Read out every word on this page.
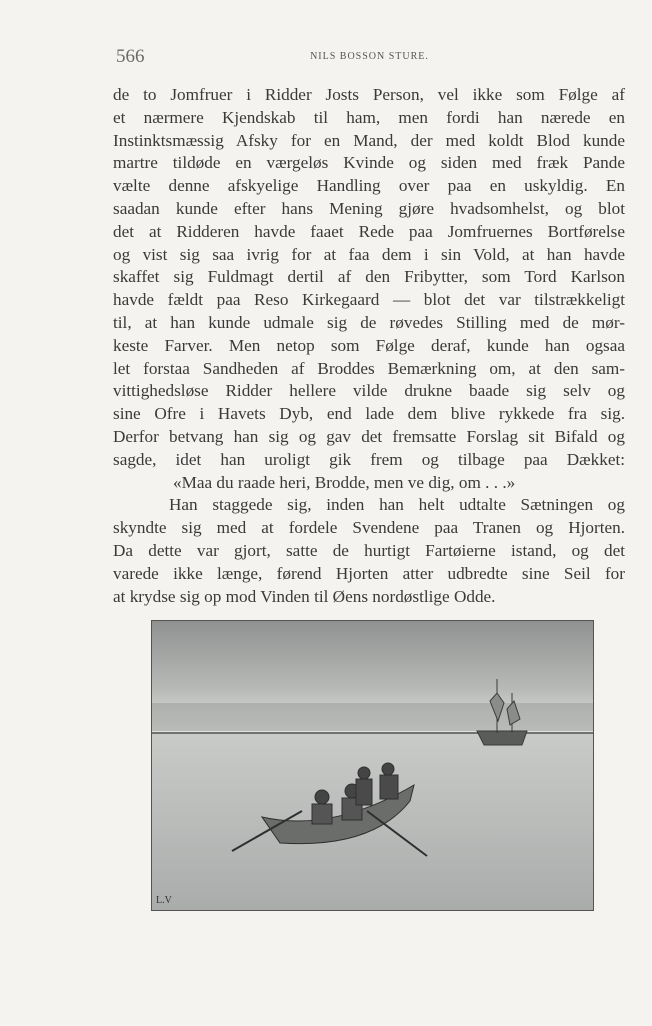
566	NILS BOSSON STURE.
de to Jomfruer i Ridder Josts Person, vel ikke som Følge af
et nærmere Kjendskab til ham, men fordi han nærede en
Instinktsmæssig Afsky for en Mand, der med koldt Blod kunde
martre tildøde en værgeløs Kvinde og siden med fræk Pande
vælte denne afskyelige Handling over paa en uskyldig. En
saadan kunde efter hans Mening gjøre hvadsomhelst, og blot
det at Ridderen havde faaet Rede paa Jomfruernes Bortførelse
og vist sig saa ivrig for at faa dem i sin Vold, at han havde
skaffet sig Fuldmagt dertil af den Fribytter, som Tord Karlson
havde fældt paa Reso Kirkegaard — blot det var tilstrækkeligt
til, at han kunde udmale sig de røvedes Stilling med de mør-
keste Farver. Men netop som Følge deraf, kunde han ogsaa
let forstaa Sandheden af Broddes Bemærkning om, at den sam-
vittighedsløse Ridder hellere vilde drukne baade sig selv og
sine Ofre i Havets Dyb, end lade dem blive rykkede fra sig.
Derfor betvang han sig og gav det fremsatte Forslag sit Bifald og
sagde, idet han uroligt gik frem og tilbage paa Dækket:
«Maa du raade heri, Brodde, men ve dig, om . . .»
Han staggede sig, inden han helt udtalte Sætningen og
skyndte sig med at fordele Svendene paa Tranen og Hjorten.
Da dette var gjort, satte de hurtigt Fartøierne istand, og det
varede ikke længe, førend Hjorten atter udbredte sine Seil for
at krydse sig op mod Vinden til Øens nordøstlige Odde.
L.V
